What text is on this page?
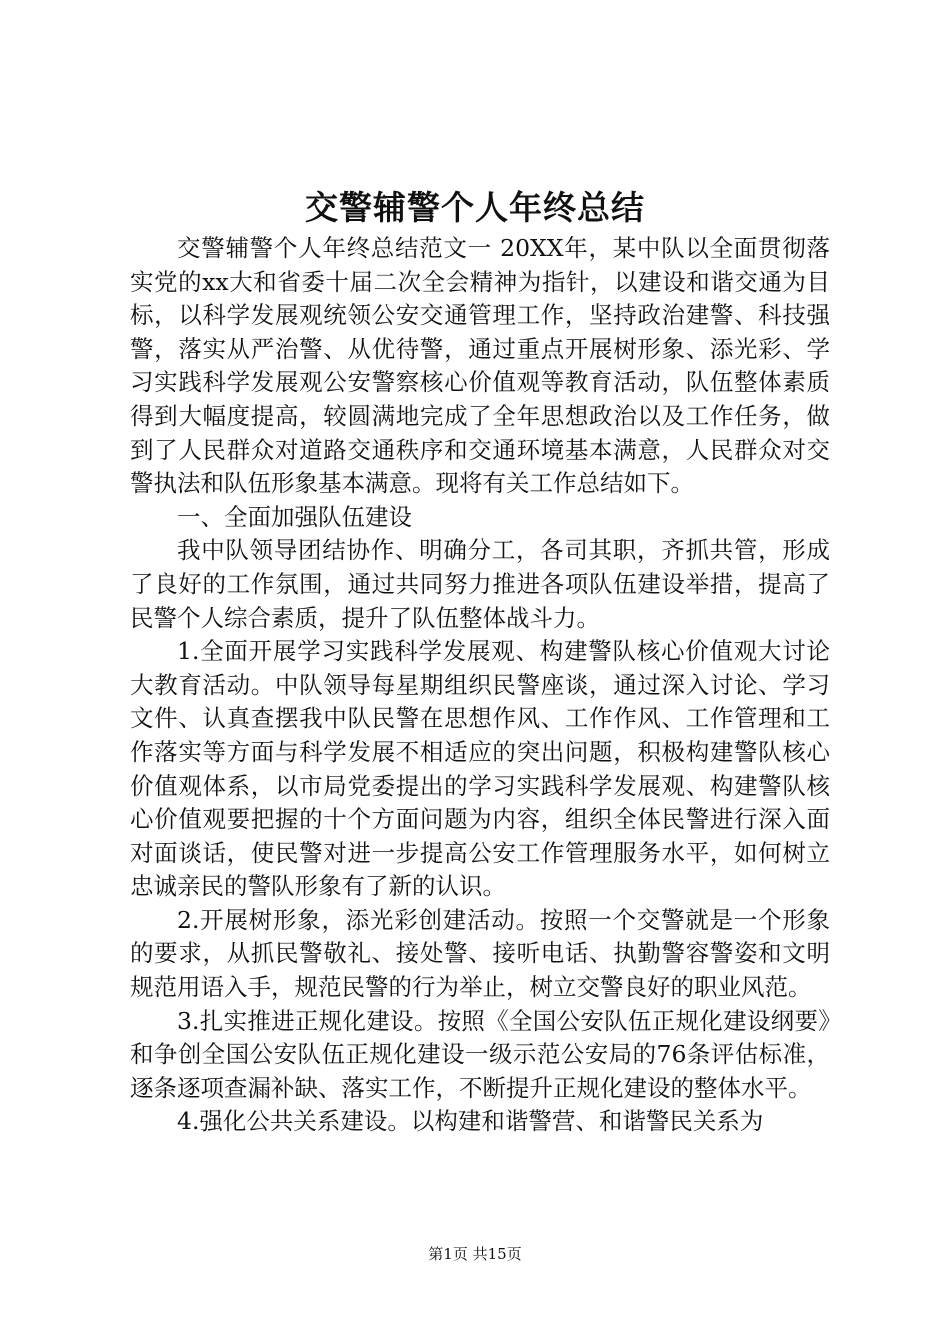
交警辅警个人年终总结

交警辅警个人年终总结范文一 20XX年，某中队以全面贯彻落实党的xx大和省委十届二次全会精神为指针，以建设和谐交通为目标，以科学发展观统领公安交通管理工作，坚持政治建警、科技强警，落实从严治警、从优待警，通过重点开展树形象、添光彩、学习实践科学发展观公安警察核心价值观等教育活动，队伍整体素质得到大幅度提高，较圆满地完成了全年思想政治以及工作任务，做到了人民群众对道路交通秩序和交通环境基本满意，人民群众对交警执法和队伍形象基本满意。现将有关工作总结如下。

一、全面加强队伍建设

我中队领导团结协作、明确分工，各司其职，齐抓共管，形成了良好的工作氛围，通过共同努力推进各项队伍建设举措，提高了民警个人综合素质，提升了队伍整体战斗力。

1.全面开展学习实践科学发展观、构建警队核心价值观大讨论大教育活动。中队领导每星期组织民警座谈，通过深入讨论、学习文件、认真查摆我中队民警在思想作风、工作作风、工作管理和工作落实等方面与科学发展不相适应的突出问题，积极构建警队核心价值观体系，以市局党委提出的学习实践科学发展观、构建警队核心价值观要把握的十个方面问题为内容，组织全体民警进行深入面对面谈话，使民警对进一步提高公安工作管理服务水平，如何树立忠诚亲民的警队形象有了新的认识。

2.开展树形象，添光彩创建活动。按照一个交警就是一个形象的要求，从抓民警敬礼、接处警、接听电话、执勤警容警姿和文明规范用语入手，规范民警的行为举止，树立交警良好的职业风范。

3.扎实推进正规化建设。按照《全国公安队伍正规化建设纲要》和争创全国公安队伍正规化建设一级示范公安局的76条评估标准，逐条逐项查漏补缺、落实工作，不断提升正规化建设的整体水平。

4.强化公共关系建设。以构建和谐警营、和谐警民关系为

第1页 共15页
